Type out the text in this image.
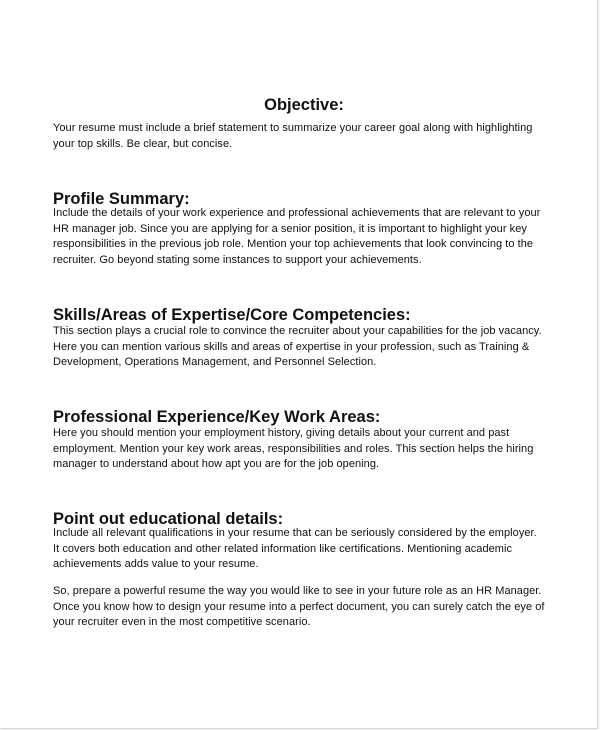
Objective:
Your resume must include a brief statement to summarize your career goal along with highlighting
your top skills. Be clear, but concise.
Profile Summary:
Include the details of your work experience and professional achievements that are relevant to your
HR manager job. Since you are applying for a senior position, it is important to highlight your key
responsibilities in the previous job role. Mention your top achievements that look convincing to the
recruiter. Go beyond stating some instances to support your achievements.
Skills/Areas of Expertise/Core Competencies:
This section plays a crucial role to convince the recruiter about your capabilities for the job vacancy.
Here you can mention various skills and areas of expertise in your profession, such as Training &
Development, Operations Management, and Personnel Selection.
Professional Experience/Key Work Areas:
Here you should mention your employment history, giving details about your current and past
employment. Mention your key work areas, responsibilities and roles. This section helps the hiring
manager to understand about how apt you are for the job opening.
Point out educational details:
Include all relevant qualifications in your resume that can be seriously considered by the employer.
It covers both education and other related information like certifications. Mentioning academic
achievements adds value to your resume.
So, prepare a powerful resume the way you would like to see in your future role as an HR Manager.
Once you know how to design your resume into a perfect document, you can surely catch the eye of
your recruiter even in the most competitive scenario.
